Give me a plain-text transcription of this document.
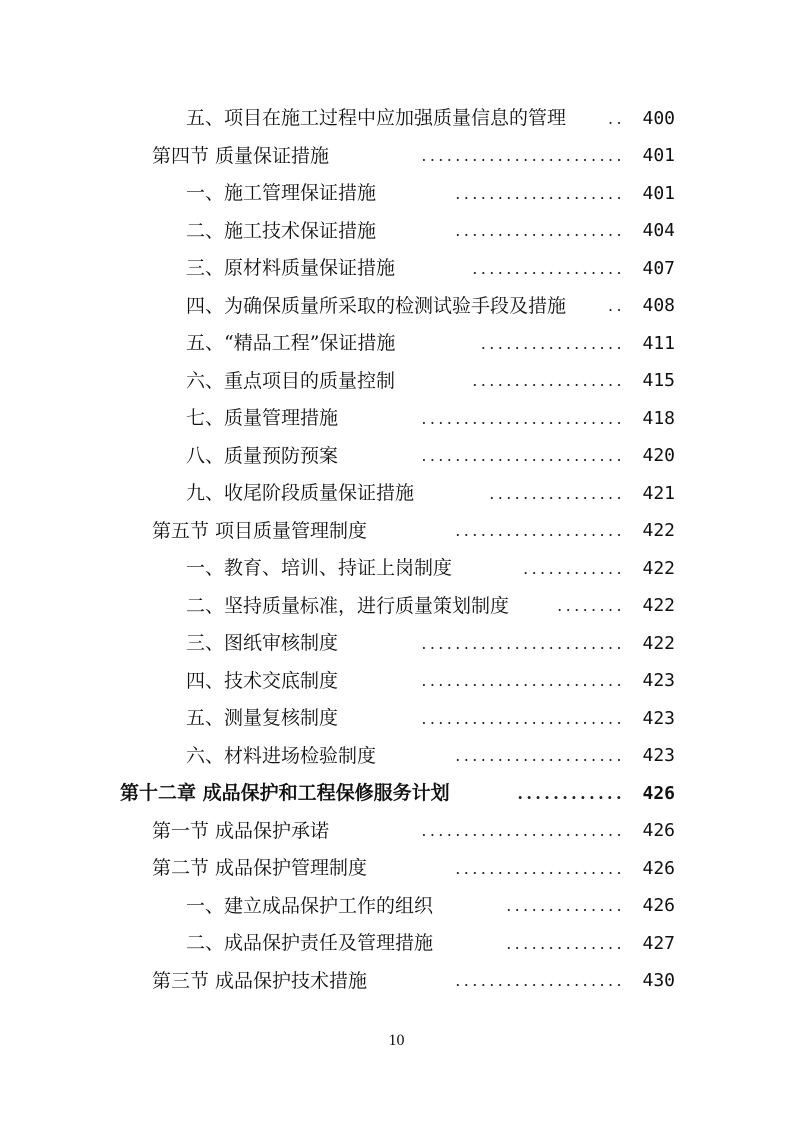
五、项目在施工过程中应加强质量信息的管理	.. 400
第四节 质量保证措施	........................ 401
一、施工管理保证措施	.................... 401
二、施工技术保证措施	.................... 404
三、原材料质量保证措施	.................. 407
四、为确保质量所采取的检测试验手段及措施	.. 408
五、“精品工程”保证措施	................. 411
六、重点项目的质量控制	.................. 415
七、质量管理措施	........................ 418
八、质量预防预案	........................ 420
九、收尾阶段质量保证措施	................ 421
第五节 项目质量管理制度	.................... 422
一、教育、培训、持证上岗制度	............ 422
二、坚持质量标准，进行质量策划制度	........ 422
三、图纸审核制度	........................ 422
四、技术交底制度	........................ 423
五、测量复核制度	........................ 423
六、材料进场检验制度	.................... 423
第十二章 成品保护和工程保修服务计划	............ 426
第一节 成品保护承诺	........................ 426
第二节 成品保护管理制度	.................... 426
一、建立成品保护工作的组织	.............. 426
二、成品保护责任及管理措施	.............. 427
第三节 成品保护技术措施	.................... 430
10
